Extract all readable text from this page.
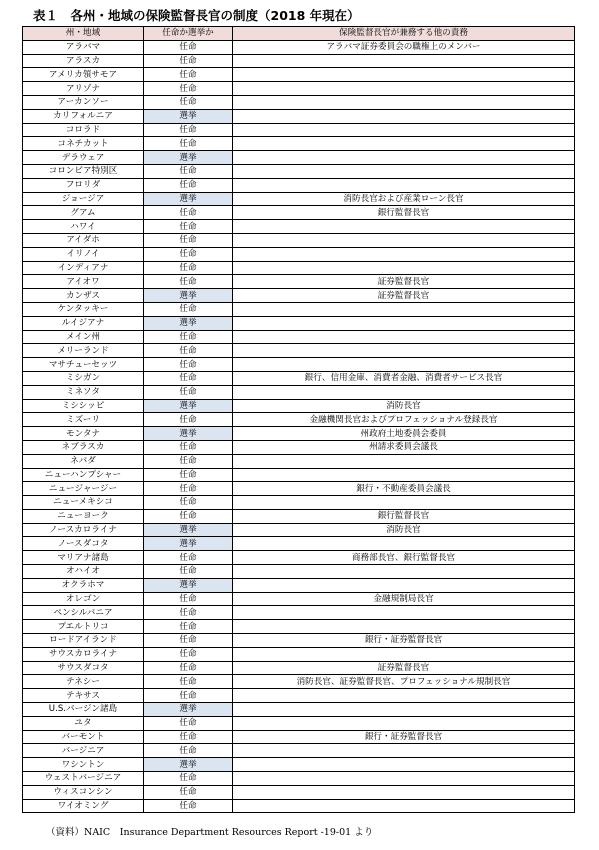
表１　各州・地域の保険監督長官の制度（2018 年現在）
州・地域	任命か選挙か	保険監督長官が兼務する他の責務
アラバマ	任命	アラバマ証券委員会の職権上のメンバー
アラスカ	任命	
アメリカ領サモア	任命	
アリゾナ	任命	
アーカンソー	任命	
カリフォルニア	選挙	
コロラド	任命	
コネチカット	任命	
デラウェア	選挙	
コロンビア特別区	任命	
フロリダ	任命	
ジョージア	選挙	消防長官および産業ローン長官
グアム	任命	銀行監督長官
ハワイ	任命	
アイダホ	任命	
イリノイ	任命	
インディアナ	任命	
アイオワ	任命	証券監督長官
カンザス	選挙	証券監督長官
ケンタッキー	任命	
ルイジアナ	選挙	
メイン州	任命	
メリーランド	任命	
マサチューセッツ	任命	
ミシガン	任命	銀行、信用金庫、消費者金融、消費者サービス長官
ミネソタ	任命	
ミシシッピ	選挙	消防長官
ミズーリ	任命	金融機関長官およびプロフェッショナル登録長官
モンタナ	選挙	州政府土地委員会委員
ネブラスカ	任命	州請求委員会議長
ネバダ	任命	
ニューハンプシャー	任命	
ニュージャージー	任命	銀行・不動産委員会議長
ニューメキシコ	任命	
ニューヨーク	任命	銀行監督長官
ノースカロライナ	選挙	消防長官
ノースダコタ	選挙	
マリアナ諸島	任命	商務部長官、銀行監督長官
オハイオ	任命	
オクラホマ	選挙	
オレゴン	任命	金融規制局長官
ペンシルバニア	任命	
プエルトリコ	任命	
ロードアイランド	任命	銀行・証券監督長官
サウスカロライナ	任命	
サウスダコタ	任命	証券監督長官
テネシー	任命	消防長官、証券監督長官、プロフェッショナル規制長官
テキサス	任命	
U.S.バージン諸島	選挙	
ユタ	任命	
バーモント	任命	銀行・証券監督長官
バージニア	任命	
ワシントン	選挙	
ウェストバージニア	任命	
ウィスコンシン	任命	
ワイオミング	任命	
（資料）NAIC　Insurance Department Resources Report -19-01 より
